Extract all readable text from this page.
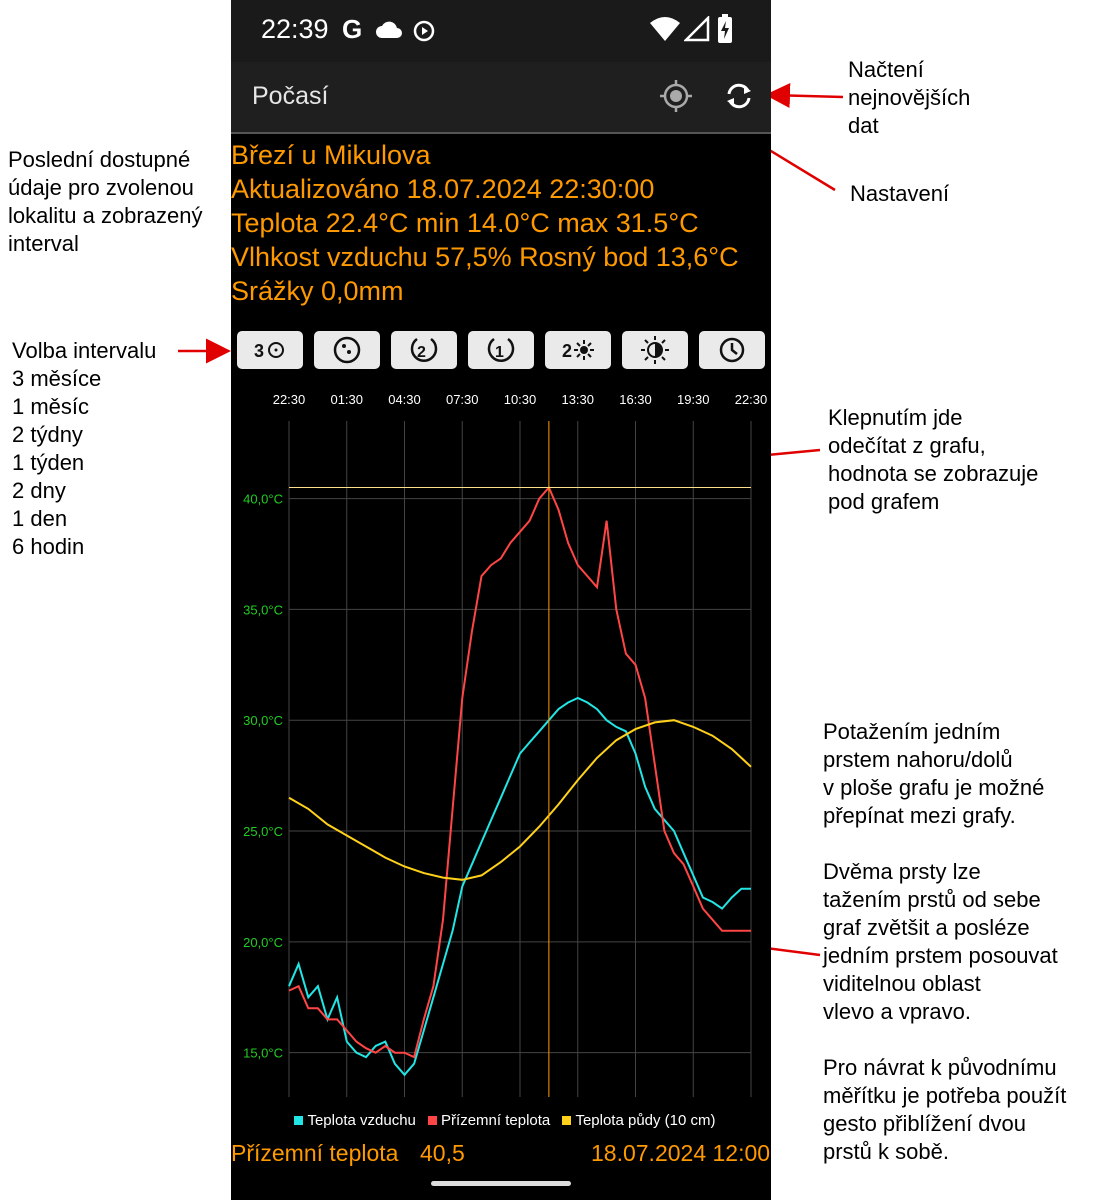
Načtení
nejnovějších
dat
Nastavení
Poslední dostupné
údaje pro zvolenou
lokalitu a zobrazený
interval
Volba intervalu
3 měsíce
1 měsíc
2 týdny
1 týden
2 dny
1 den
6 hodin
Klepnutím jde
odečítat z grafu,
hodnota se zobrazuje
pod grafem
Potažením jedním
prstem nahoru/dolů
v ploše grafu je možné
přepínat mezi grafy.

Dvěma prsty lze
tažením prstů od sebe
graf zvětšit a posléze
jedním prstem posouvat
viditelnou oblast
vlevo a vpravo.

Pro návrat k původnímu
měřítku je potřeba použít
gesto přiblížení dvou
prstů k sobě.
22:39 G
Počasí
Březí u Mikulova
Aktualizováno 18.07.2024 22:30:00
Teplota 22.4°C min 14.0°C max 31.5°C
Vlhkost vzduchu 57,5% Rosný bod 13,6°C
Srážky 0,0mm
3	2	1	2
22:30 01:30 04:30 07:30 10:30 13:30 16:30 19:30 22:30
40,0°C
35,0°C
30,0°C
25,0°C
20,0°C
15,0°C
Teplota vzduchu Přízemní teplota Teplota půdy (10 cm)
Přízemní teplota 40,5	18.07.2024 12:00
